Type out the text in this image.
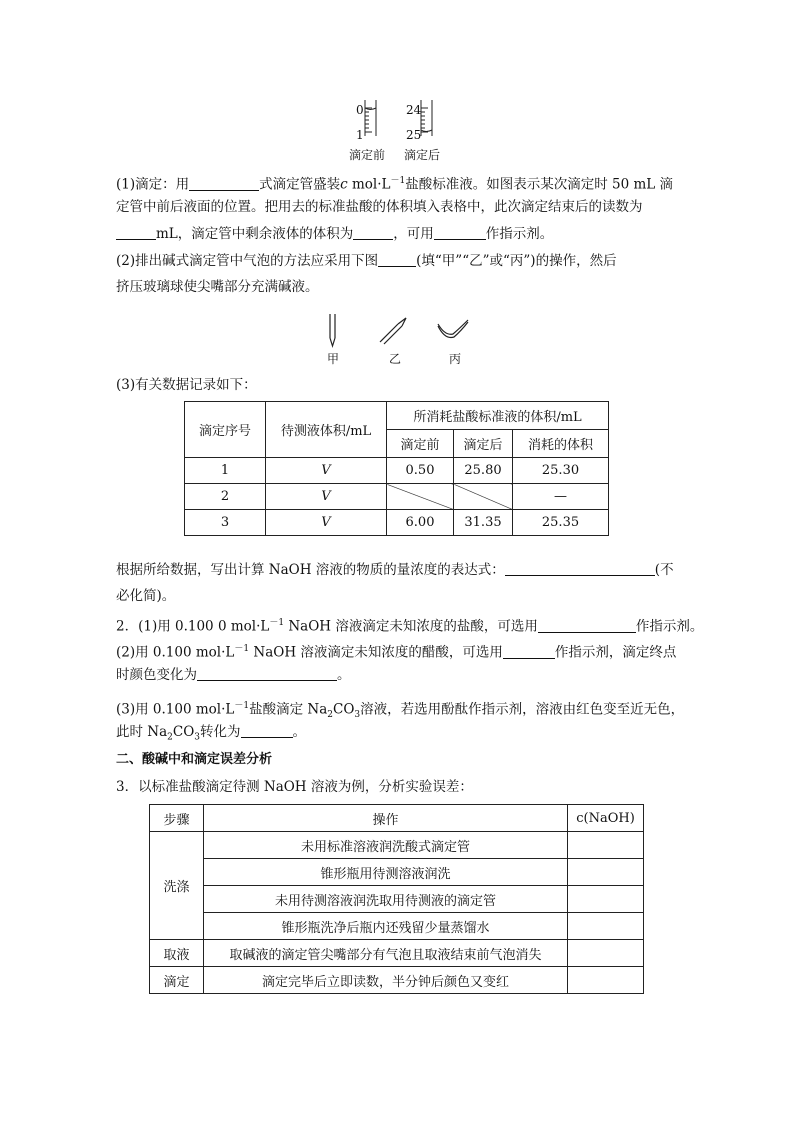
0
1
24
25
滴定前 滴定后
(1)滴定：用	式滴定管盛装c $mol\cdot L^{-1}$盐酸标准液。如图表示某次滴定时 50 mL 滴
定管中前后液面的位置。把用去的标准盐酸的体积填入表格中，此次滴定结束后的读数为
mL，滴定管中剩余液体的体积为	，可用	作指示剂。
(2)排出碱式滴定管中气泡的方法应采用下图	(填“甲”“乙”或“丙”)的操作，然后
挤压玻璃球使尖嘴部分充满碱液。
甲	乙	丙
(3)有关数据记录如下：
滴定序号	待测液体积/mL	所消耗盐酸标准液的体积/mL		
		滴定前	滴定后	消耗的体积
1	V	0.50	25.80	25.30
2	V			—
3	V	6.00	31.35	25.35
根据所给数据，写出计算 NaOH 溶液的物质的量浓度的表达式：	(不
必化简)。
2．(1)用 0.100 0 $mol\cdot L^{-1}$ NaOH 溶液滴定未知浓度的盐酸，可选用	作指示剂。
(2)用 0.100 $mol\cdot L^{-1}$ NaOH 溶液滴定未知浓度的醋酸，可选用	作指示剂，滴定终点
时颜色变化为	。
(3)用 0.100 $mol\cdot L^{-1}$盐酸滴定 $Na_2CO_3$溶液，若选用酚酞作指示剂，溶液由红色变至近无色，
此时 $Na_2CO_3$转化为	。
二、酸碱中和滴定误差分析
3．以标准盐酸滴定待测 NaOH 溶液为例，分析实验误差：
步骤	操作	c(NaOH)
洗涤	未用标准溶液润洗酸式滴定管	
	锥形瓶用待测溶液润洗	
	未用待测溶液润洗取用待测液的滴定管	
	锥形瓶洗净后瓶内还残留少量蒸馏水	
取液	取碱液的滴定管尖嘴部分有气泡且取液结束前气泡消失	
滴定	滴定完毕后立即读数，半分钟后颜色又变红	
